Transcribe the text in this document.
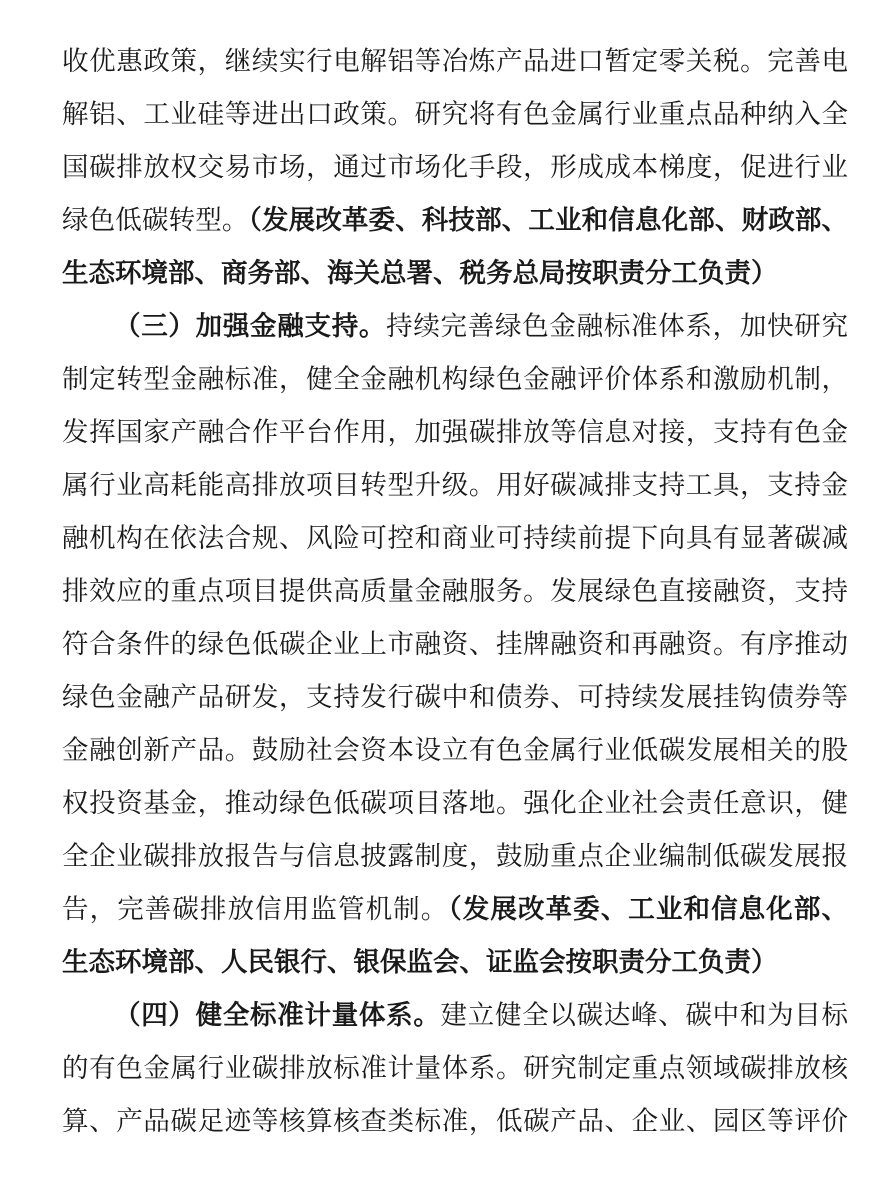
收优惠政策，继续实行电解铝等冶炼产品进口暂定零关税。完善电
解铝、工业硅等进出口政策。研究将有色金属行业重点品种纳入全
国碳排放权交易市场，通过市场化手段，形成成本梯度，促进行业
绿色低碳转型。（发展改革委、科技部、工业和信息化部、财政部、
生态环境部、商务部、海关总署、税务总局按职责分工负责）
（三）加强金融支持。持续完善绿色金融标准体系，加快研究
制定转型金融标准，健全金融机构绿色金融评价体系和激励机制，
发挥国家产融合作平台作用，加强碳排放等信息对接，支持有色金
属行业高耗能高排放项目转型升级。用好碳减排支持工具，支持金
融机构在依法合规、风险可控和商业可持续前提下向具有显著碳减
排效应的重点项目提供高质量金融服务。发展绿色直接融资，支持
符合条件的绿色低碳企业上市融资、挂牌融资和再融资。有序推动
绿色金融产品研发，支持发行碳中和债券、可持续发展挂钩债券等
金融创新产品。鼓励社会资本设立有色金属行业低碳发展相关的股
权投资基金，推动绿色低碳项目落地。强化企业社会责任意识，健
全企业碳排放报告与信息披露制度，鼓励重点企业编制低碳发展报
告，完善碳排放信用监管机制。（发展改革委、工业和信息化部、
生态环境部、人民银行、银保监会、证监会按职责分工负责）
（四）健全标准计量体系。建立健全以碳达峰、碳中和为目标
的有色金属行业碳排放标准计量体系。研究制定重点领域碳排放核
算、产品碳足迹等核算核查类标准，低碳产品、企业、园区等评价
